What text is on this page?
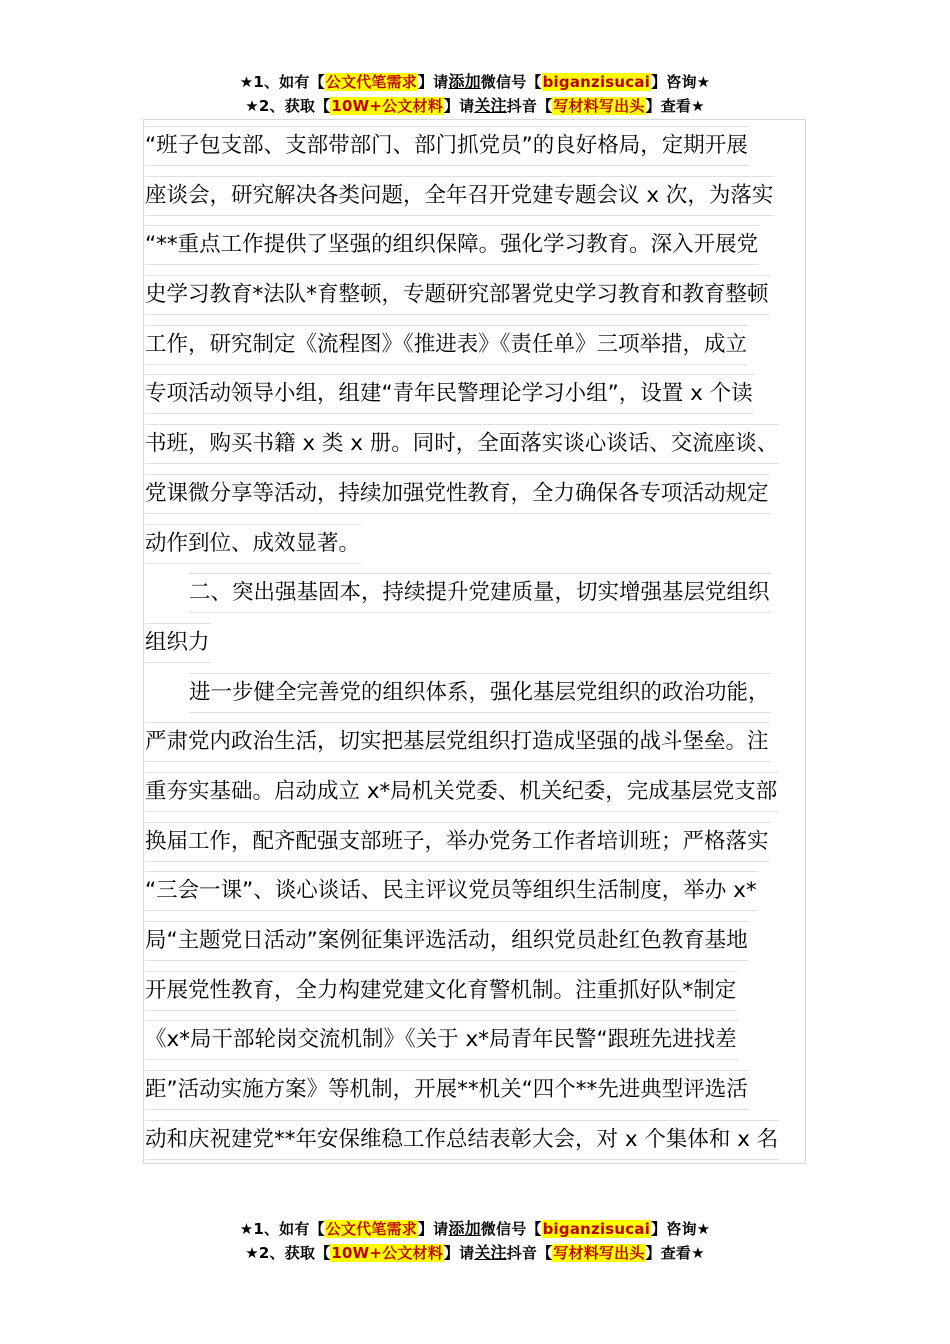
★1、如有【公文代笔需求】请添加微信号【biganzisucai】咨询★
★2、获取【10W+公文材料】请关注抖音【写材料写出头】查看★
“班子包支部、支部带部门、部门抓党员”的良好格局，定期开展
座谈会，研究解决各类问题，全年召开党建专题会议 x 次，为落实
“**重点工作提供了坚强的组织保障。强化学习教育。深入开展党
史学习教育*法队*育整顿，专题研究部署党史学习教育和教育整顿
工作，研究制定《流程图》《推进表》《责任单》三项举措，成立
专项活动领导小组，组建“青年民警理论学习小组”，设置 x 个读
书班，购买书籍 x 类 x 册。同时，全面落实谈心谈话、交流座谈、
党课微分享等活动，持续加强党性教育，全力确保各专项活动规定
动作到位、成效显著。
二、突出强基固本，持续提升党建质量，切实增强基层党组织
组织力
进一步健全完善党的组织体系，强化基层党组织的政治功能，
严肃党内政治生活，切实把基层党组织打造成坚强的战斗堡垒。注
重夯实基础。启动成立 x*局机关党委、机关纪委，完成基层党支部
换届工作，配齐配强支部班子，举办党务工作者培训班；严格落实
“三会一课”、谈心谈话、民主评议党员等组织生活制度，举办 x*
局“主题党日活动”案例征集评选活动，组织党员赴红色教育基地
开展党性教育，全力构建党建文化育警机制。注重抓好队*制定
《x*局干部轮岗交流机制》《关于 x*局青年民警“跟班先进找差
距”活动实施方案》等机制，开展**机关“四个**先进典型评选活
动和庆祝建党**年安保维稳工作总结表彰大会，对 x 个集体和 x 名
★1、如有【公文代笔需求】请添加微信号【biganzisucai】咨询★
★2、获取【10W+公文材料】请关注抖音【写材料写出头】查看★
